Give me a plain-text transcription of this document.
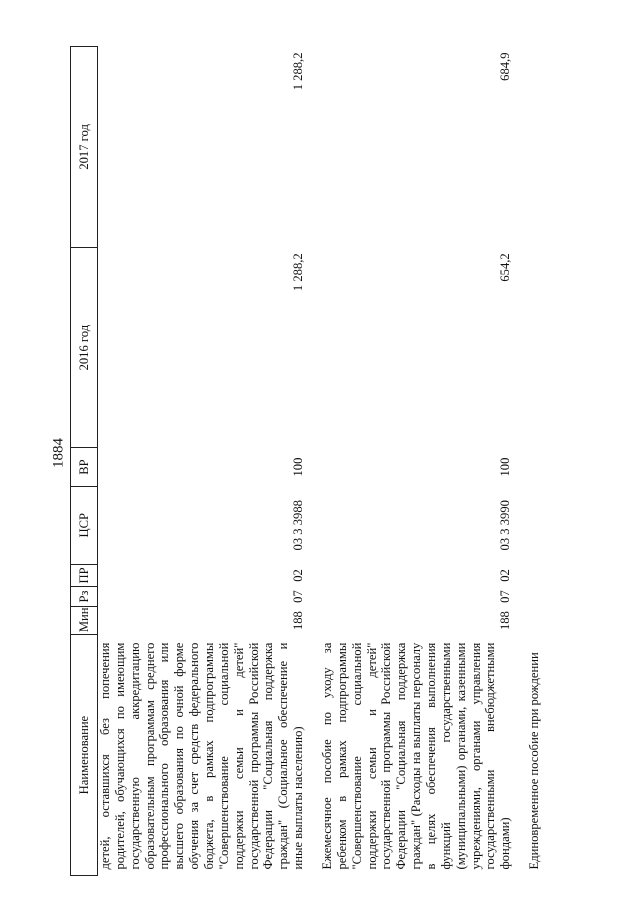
1884
Наименование	Мин	Рз	ПР	ЦСР	ВР	2016 год	2017 год
детей, оставшихся без попечения родителей, обучающихся по имеющим государственную аккредитацию образовательным программам среднего профессионального образования или высшего образования по очной форме обучения за счет средств федерального бюджета, в рамках подпрограммы "Совершенствование социальной поддержки семьи и детей" государственной программы Российской Федерации "Социальная поддержка граждан" (Социальное обеспечение и иные выплаты населению)	188	07	02	03 3 3988	100	1 288,2	1 288,2
Ежемесячное пособие по уходу за ребенком в рамках подпрограммы "Совершенствование социальной поддержки семьи и детей" государственной программы Российской Федерации "Социальная поддержка граждан" (Расходы на выплаты персоналу в целях обеспечения выполнения функций государственными (муниципальными) органами, казенными учреждениями, органами управления государственными внебюджетными фондами)	188	07	02	03 3 3990	100	654,2	684,9
Единовременное пособие при рождении							
